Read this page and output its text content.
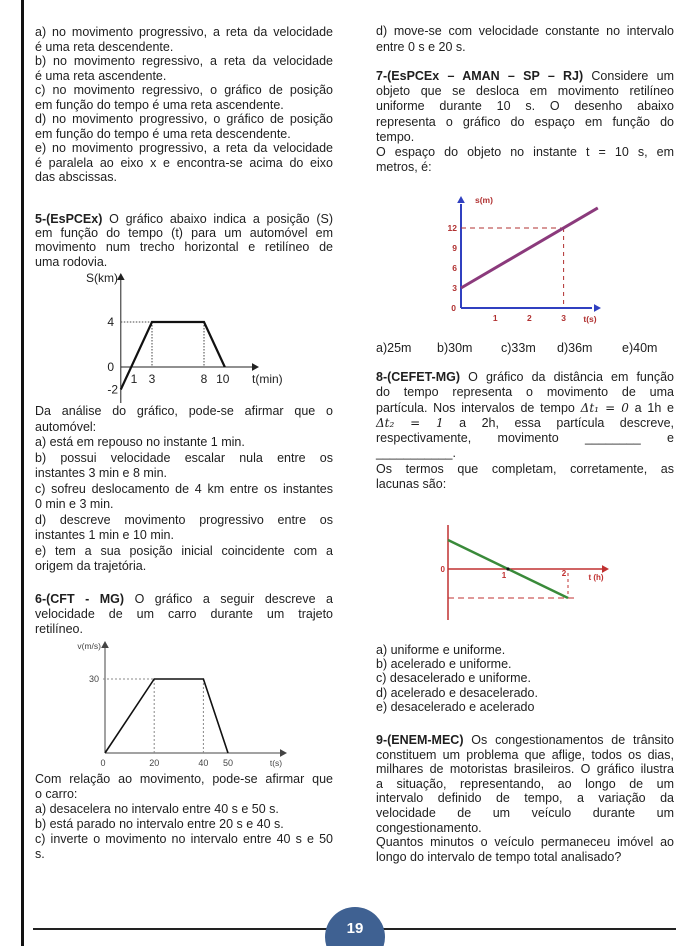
a) no movimento progressivo, a reta da velocidade
é uma reta descendente.
b) no movimento regressivo, a reta da velocidade
é uma reta ascendente.
c) no movimento regressivo, o gráfico de posição
em função do tempo é uma reta ascendente.
d) no movimento progressivo, o gráfico de posição
em função do tempo é uma reta descendente.
e) no movimento progressivo, a reta da velocidade
é paralela ao eixo x e encontra-se acima do eixo
das abscissas.
5-(EsPCEx) O gráfico abaixo indica a posição (S)
em função do tempo (t) para um automóvel em
movimento num trecho horizontal e retilíneo de
uma rodovia.
Da análise do gráfico, pode-se afirmar que o
automóvel:
a) está em repouso no instante 1 min.
b) possui velocidade escalar nula entre os
instantes 3 min e 8 min.
c) sofreu deslocamento de 4 km entre os instantes
0 min e 3 min.
d) descreve movimento progressivo entre os
instantes 1 min e 10 min.
e) tem a sua posição inicial coincidente com a
origem da trajetória.
6-(CFT - MG) O gráfico a seguir descreve a
velocidade de um carro durante um trajeto
retilíneo.
Com relação ao movimento, pode-se afirmar que
o carro:
a) desacelera no intervalo entre 40 s e 50 s.
b) está parado no intervalo entre 20 s e 40 s.
c) inverte o movimento no intervalo entre 40 s e 50
s.
d) move-se com velocidade constante no intervalo
entre 0 s e 20 s.
7-(EsPCEx – AMAN – SP – RJ) Considere um
objeto que se desloca em movimento retilíneo
uniforme durante 10 s. O desenho abaixo
representa o gráfico do espaço em função do
tempo.
O espaço do objeto no instante t = 10 s, em
metros, é:
a)25m b)30m c)33m d)36m e)40m
8-(CEFET-MG) O gráfico da distância em função
do tempo representa o movimento de uma
partícula. Nos intervalos de tempo Δt₁ = 0 a 1h e
Δt₂ = 1 a 2h, essa partícula descreve,
respectivamente, movimento ________ e
___________.
Os termos que completam, corretamente, as
lacunas são:
a) uniforme e uniforme.
b) acelerado e uniforme.
c) desacelerado e uniforme.
d) acelerado e desacelerado.
e) desacelerado e acelerado
9-(ENEM-MEC) Os congestionamentos de trânsito
constituem um problema que aflige, todos os dias,
milhares de motoristas brasileiros. O gráfico ilustra
a situação, representando, ao longo de um
intervalo definido de tempo, a variação da
velocidade de um veículo durante um
congestionamento.
Quantos minutos o veículo permaneceu imóvel ao
longo do intervalo de tempo total analisado?
S(km)
4
0
-2
1 3	8 10 t(min)
v(m/s)
30
0	20	40 50	t(s)
s(m)
12
9
6
3
0
1	2	3 t(s)
0
1	2	t (h)
19
